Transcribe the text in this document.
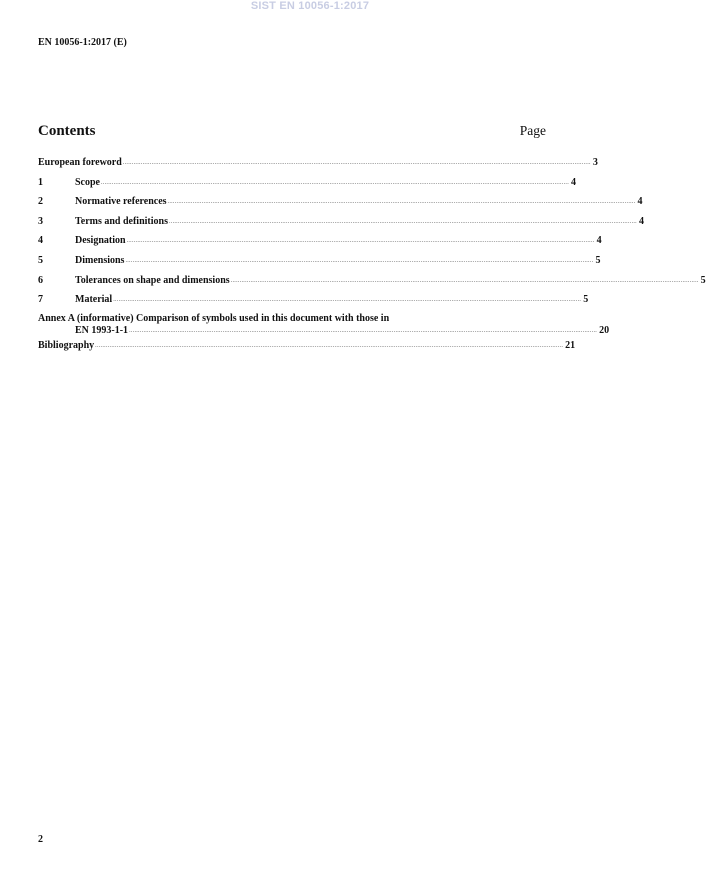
SIST EN 10056-1:2017
EN 10056-1:2017 (E)
Contents	Page
European foreword .................................................................................................................................................................................................................................................................... 3
1	Scope .................................................................................................................................................................................................................................................................... 4
2	Normative references .................................................................................................................................................................................................................................................................... 4
3	Terms and definitions .................................................................................................................................................................................................................................................................... 4
4	Designation .................................................................................................................................................................................................................................................................... 4
5	Dimensions .................................................................................................................................................................................................................................................................... 5
6	Tolerances on shape and dimensions .................................................................................................................................................................................................................................................................... 5
7	Material .................................................................................................................................................................................................................................................................... 5
Annex A (informative) Comparison of symbols used in this document with those in
EN 1993-1-1 .................................................................................................................................................................................................................................................................... 20
Bibliography .................................................................................................................................................................................................................................................................... 21
2
